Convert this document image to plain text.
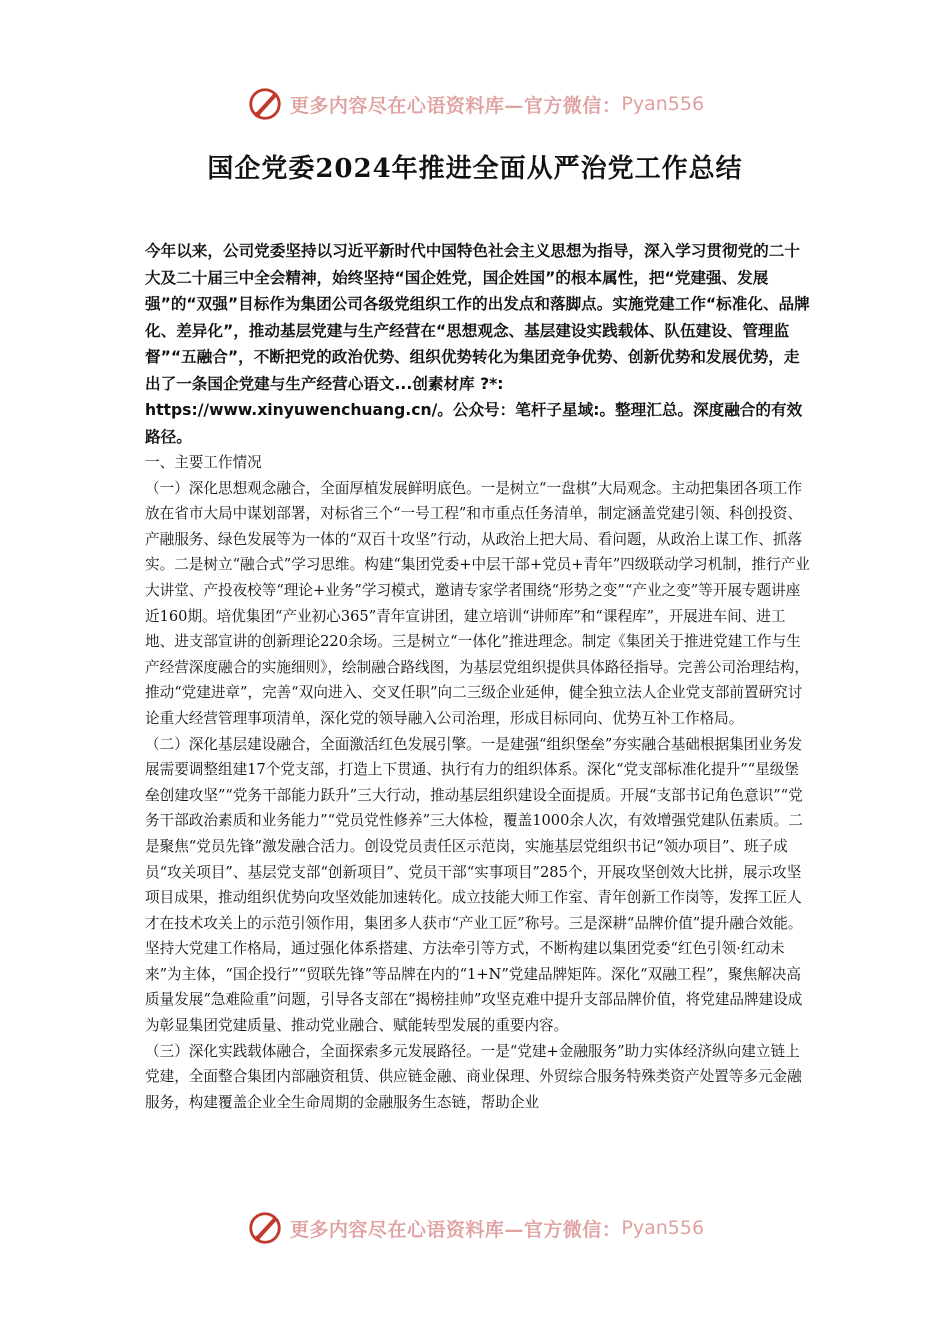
更多内容尽在心语资料库—官方微信： Pyan556
国企党委2024年推进全面从严治党工作总结

今年以来，公司党委坚持以习近平新时代中国特色社会主义思想为指导，深入学习贯彻党的二十大及二十届三中全会精神，始终坚持“国企姓党，国企姓国”的根本属性，把“党建强、发展强”的“双强”目标作为集团公司各级党组织工作的出发点和落脚点。实施党建工作“标准化、品牌化、差异化”，推动基层党建与生产经营在“思想观念、基层建设实践载体、队伍建设、管理监督”“五融合”，不断把党的政治优势、组织优势转化为集团竞争优势、创新优势和发展优势，走出了一条国企党建与生产经营心语文...创素材库 ?*: https://www.xinyuwenchuang.cn/。公众号：笔杆子星域:。整理汇总。深度融合的有效路径。

一、主要工作情况

（一）深化思想观念融合，全面厚植发展鲜明底色。一是树立“一盘棋”大局观念。主动把集团各项工作放在省市大局中谋划部署，对标省三个“一号工程”和市重点任务清单，制定涵盖党建引领、科创投资、产融服务、绿色发展等为一体的“双百十攻坚”行动，从政治上把大局、看问题，从政治上谋工作、抓落实。二是树立“融合式”学习思维。构建“集团党委+中层干部+党员+青年”四级联动学习机制，推行产业大讲堂、产投夜校等“理论+业务”学习模式，邀请专家学者围绕“形势之变”“产业之变”等开展专题讲座近160期。培优集团“产业初心365”青年宣讲团，建立培训“讲师库”和“课程库”，开展进车间、进工地、进支部宣讲的创新理论220余场。三是树立“一体化”推进理念。制定《集团关于推进党建工作与生产经营深度融合的实施细则》，绘制融合路线图，为基层党组织提供具体路径指导。完善公司治理结构，推动“党建进章”，完善“双向进入、交叉任职”向二三级企业延伸，健全独立法人企业党支部前置研究讨论重大经营管理事项清单，深化党的领导融入公司治理，形成目标同向、优势互补工作格局。

（二）深化基层建设融合，全面激活红色发展引擎。一是建强“组织堡垒”夯实融合基础根据集团业务发展需要调整组建17个党支部，打造上下贯通、执行有力的组织体系。深化“党支部标准化提升”“星级堡垒创建攻坚”“党务干部能力跃升”三大行动，推动基层组织建设全面提质。开展“支部书记角色意识”“党务干部政治素质和业务能力”“党员党性修养”三大体检，覆盖1000余人次，有效增强党建队伍素质。二是聚焦“党员先锋”激发融合活力。创设党员责任区示范岗，实施基层党组织书记“领办项目”、班子成员“攻关项目”、基层党支部“创新项目”、党员干部“实事项目”285个，开展攻坚创效大比拼，展示攻坚项目成果，推动组织优势向攻坚效能加速转化。成立技能大师工作室、青年创新工作岗等，发挥工匠人才在技术攻关上的示范引领作用，集团多人获市“产业工匠”称号。三是深耕“品牌价值”提升融合效能。坚持大党建工作格局，通过强化体系搭建、方法牵引等方式，不断构建以集团党委“红色引领·红动未来”为主体，“国企投行”“贸联先锋”等品牌在内的“1+N”党建品牌矩阵。深化“双融工程”，聚焦解决高质量发展“急难险重”问题，引导各支部在“揭榜挂帅”攻坚克难中提升支部品牌价值，将党建品牌建设成为彰显集团党建质量、推动党业融合、赋能转型发展的重要内容。

（三）深化实践载体融合，全面探索多元发展路径。一是“党建+金融服务”助力实体经济纵向建立链上党建，全面整合集团内部融资租赁、供应链金融、商业保理、外贸综合服务特殊类资产处置等多元金融服务，构建覆盖企业全生命周期的金融服务生态链，帮助企业

更多内容尽在心语资料库—官方微信： Pyan556
